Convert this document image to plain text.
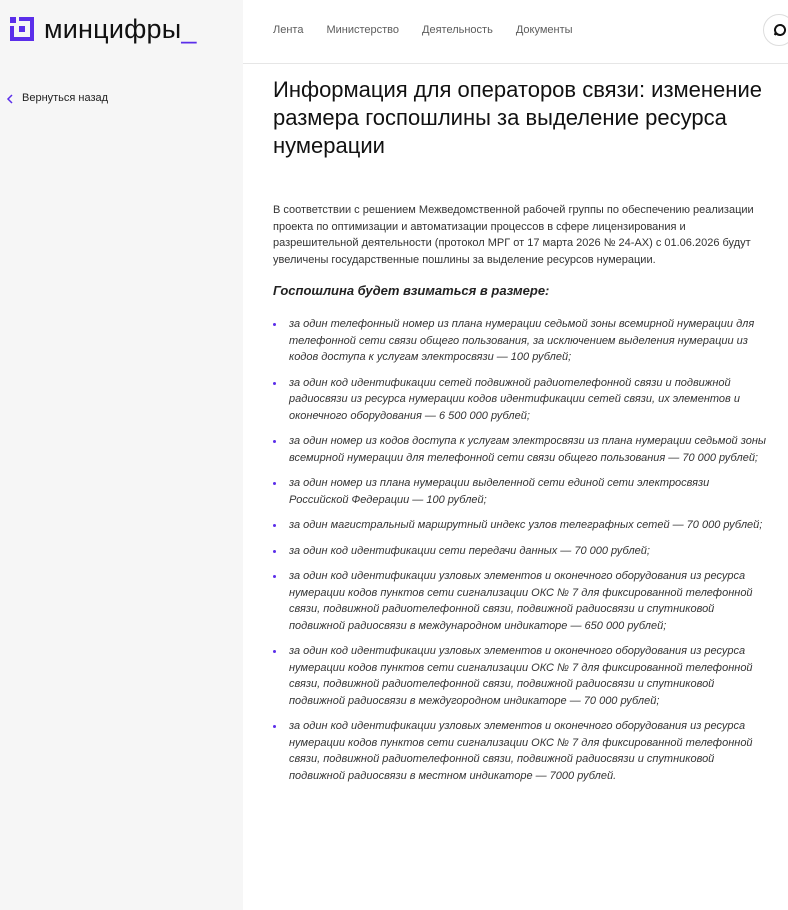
минцифры_	Лента Министерство Деятельность Документы
Вернуться назад	Информация для операторов связи: изменение размера госпошлины за выделение ресурса нумерации

В соответствии с решением Межведомственной рабочей группы по обеспечению реализации проекта по оптимизации и автоматизации процессов в сфере лицензирования и разрешительной деятельности (протокол МРГ от 17 марта 2026 № 24-АХ) с 01.06.2026 будут увеличены государственные пошлины за выделение ресурсов нумерации.

Госпошлина будет взиматься в размере:

за один телефонный номер из плана нумерации седьмой зоны всемирной нумерации для телефонной сети связи общего пользования, за исключением выделения нумерации из кодов доступа к услугам электросвязи — 100 рублей;
за один код идентификации сетей подвижной радиотелефонной связи и подвижной радиосвязи из ресурса нумерации кодов идентификации сетей связи, их элементов и оконечного оборудования — 6 500 000 рублей;
за один номер из кодов доступа к услугам электросвязи из плана нумерации седьмой зоны всемирной нумерации для телефонной сети связи общего пользования — 70 000 рублей;
за один номер из плана нумерации выделенной сети единой сети электросвязи Российской Федерации — 100 рублей;
за один магистральный маршрутный индекс узлов телеграфных сетей — 70 000 рублей;
за один код идентификации сети передачи данных — 70 000 рублей;
за один код идентификации узловых элементов и оконечного оборудования из ресурса нумерации кодов пунктов сети сигнализации ОКС № 7 для фиксированной телефонной связи, подвижной радиотелефонной связи, подвижной радиосвязи и спутниковой подвижной радиосвязи в международном индикаторе — 650 000 рублей;
за один код идентификации узловых элементов и оконечного оборудования из ресурса нумерации кодов пунктов сети сигнализации ОКС № 7 для фиксированной телефонной связи, подвижной радиотелефонной связи, подвижной радиосвязи и спутниковой подвижной радиосвязи в междугородном индикаторе — 70 000 рублей;
за один код идентификации узловых элементов и оконечного оборудования из ресурса нумерации кодов пунктов сети сигнализации ОКС № 7 для фиксированной телефонной связи, подвижной радиотелефонной связи, подвижной радиосвязи и спутниковой подвижной радиосвязи в местном индикаторе — 7000 рублей.
